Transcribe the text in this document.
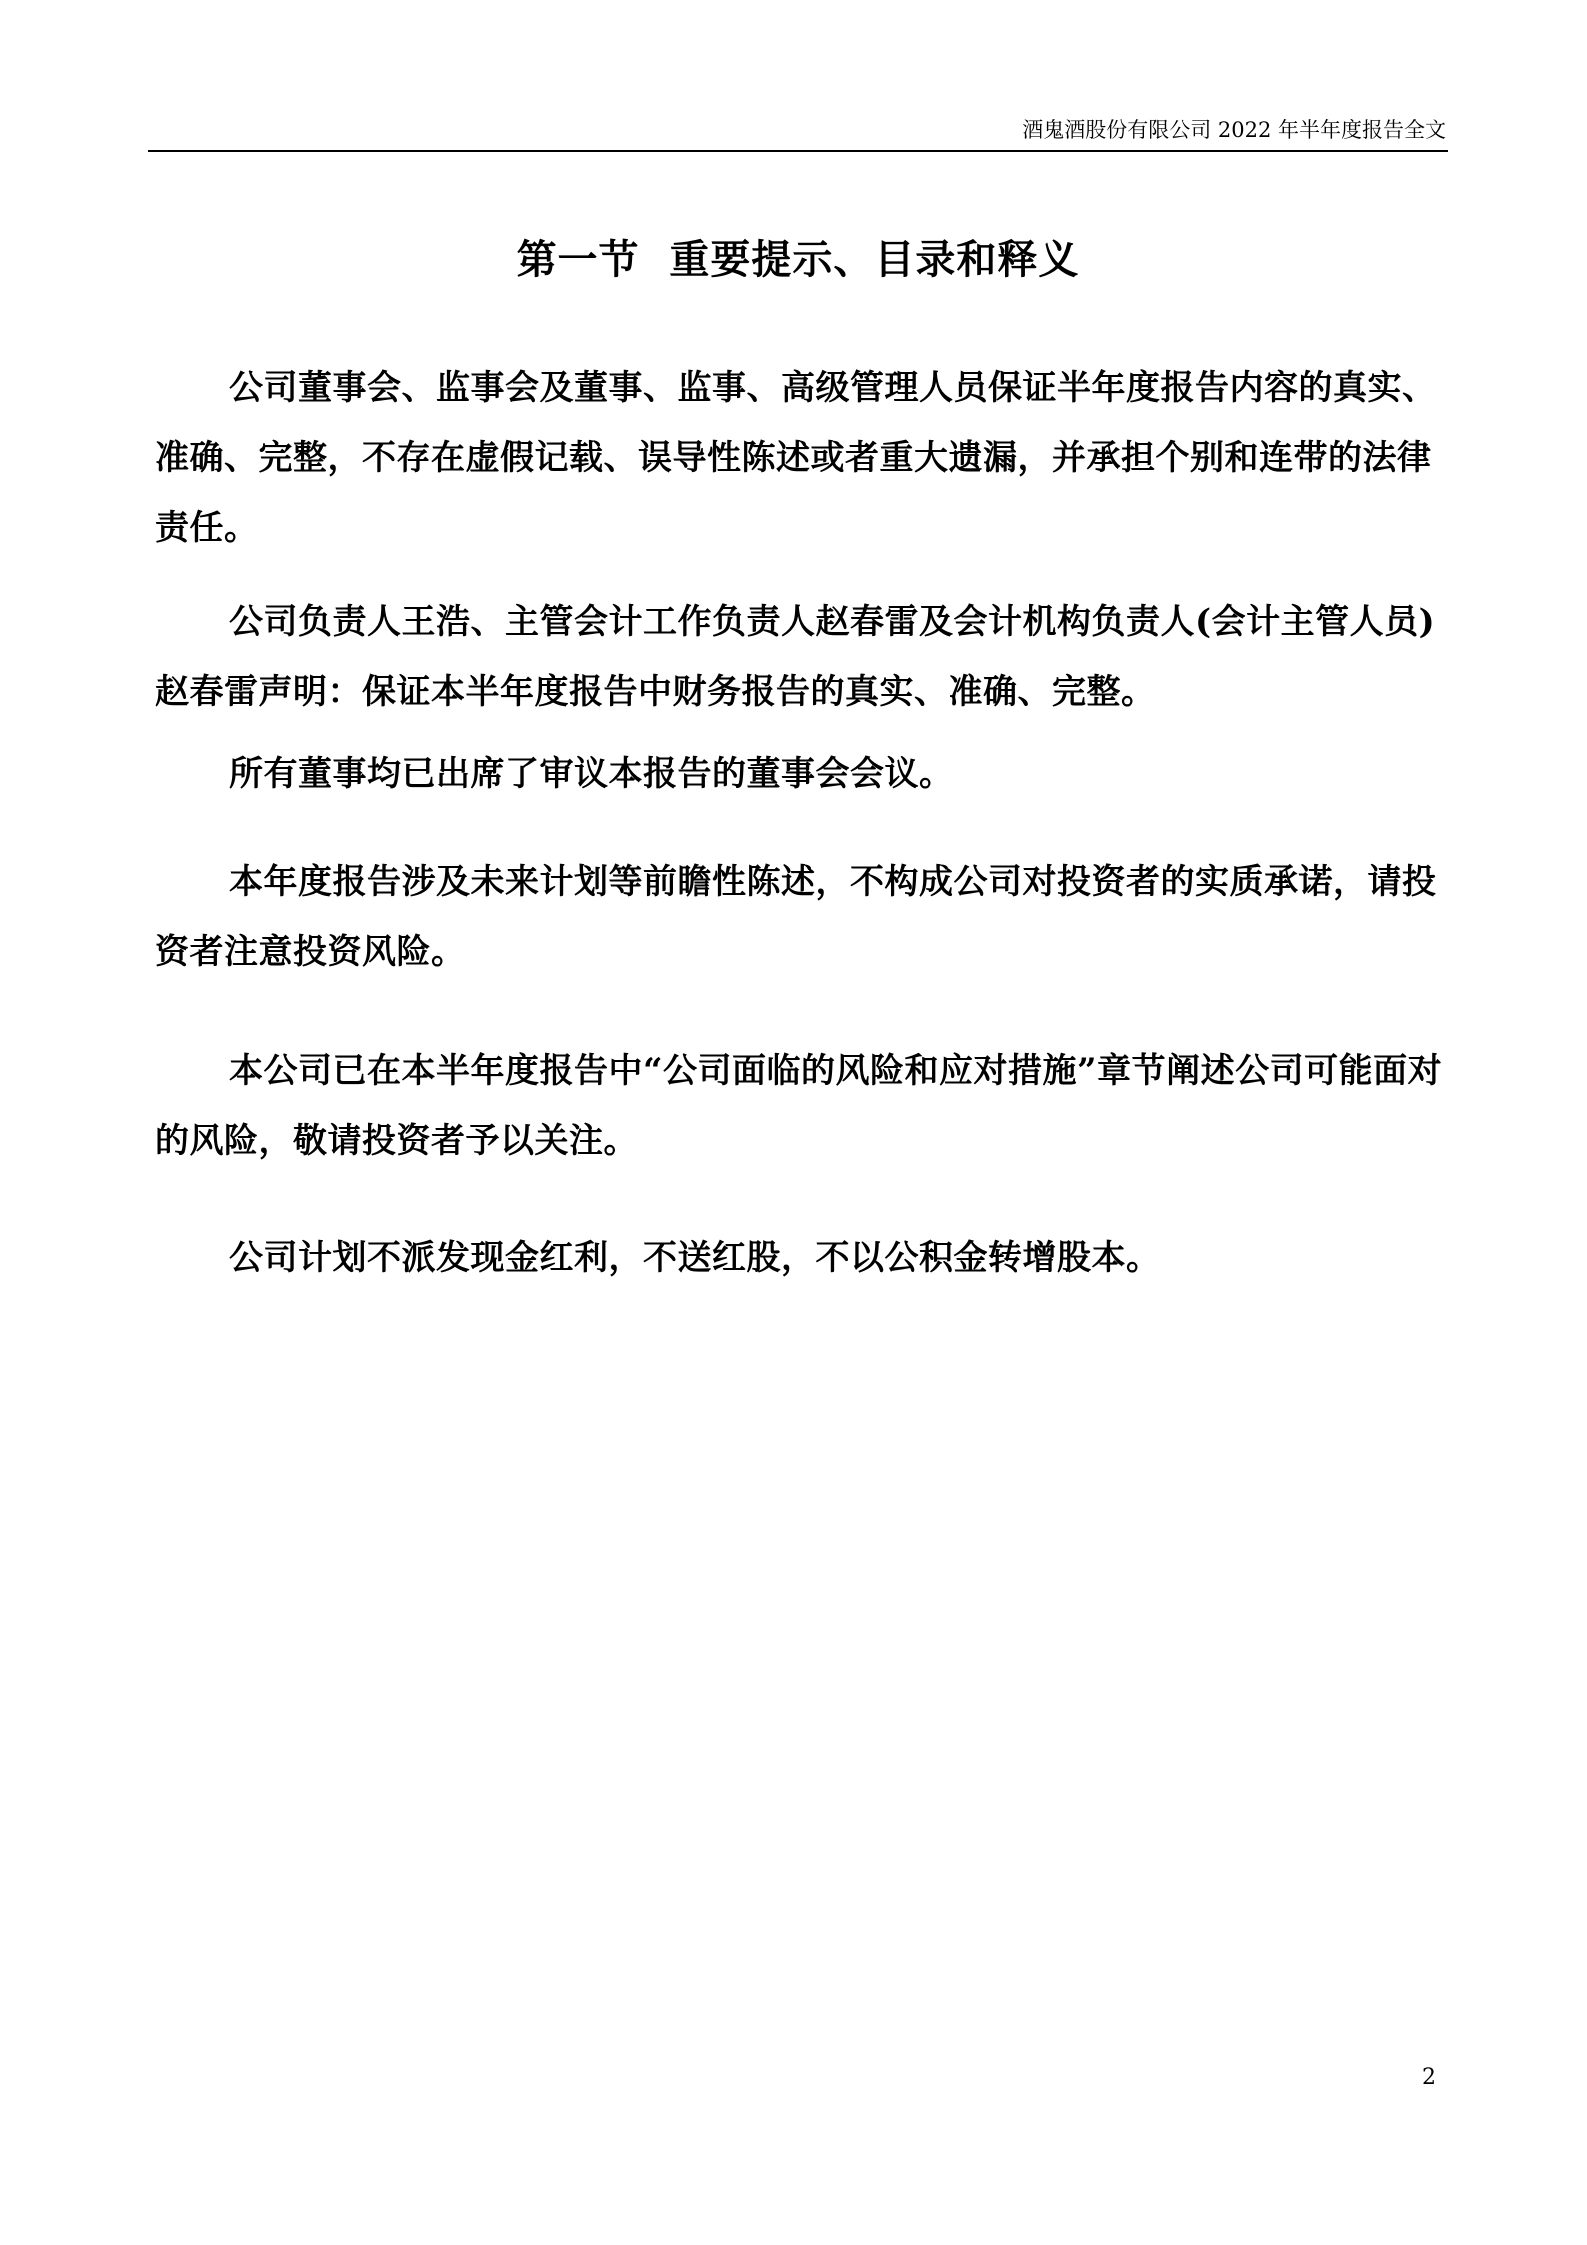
酒鬼酒股份有限公司 2022 年半年度报告全文
第一节  重要提示、目录和释义

公司董事会、监事会及董事、监事、高级管理人员保证半年度报告内容的真实、准确、完整，不存在虚假记载、误导性陈述或者重大遗漏，并承担个别和连带的法律责任。

公司负责人王浩、主管会计工作负责人赵春雷及会计机构负责人(会计主管人员)赵春雷声明：保证本半年度报告中财务报告的真实、准确、完整。

所有董事均已出席了审议本报告的董事会会议。

本年度报告涉及未来计划等前瞻性陈述，不构成公司对投资者的实质承诺，请投资者注意投资风险。

本公司已在本半年度报告中“公司面临的风险和应对措施”章节阐述公司可能面对的风险，敬请投资者予以关注。

公司计划不派发现金红利，不送红股，不以公积金转增股本。

2
